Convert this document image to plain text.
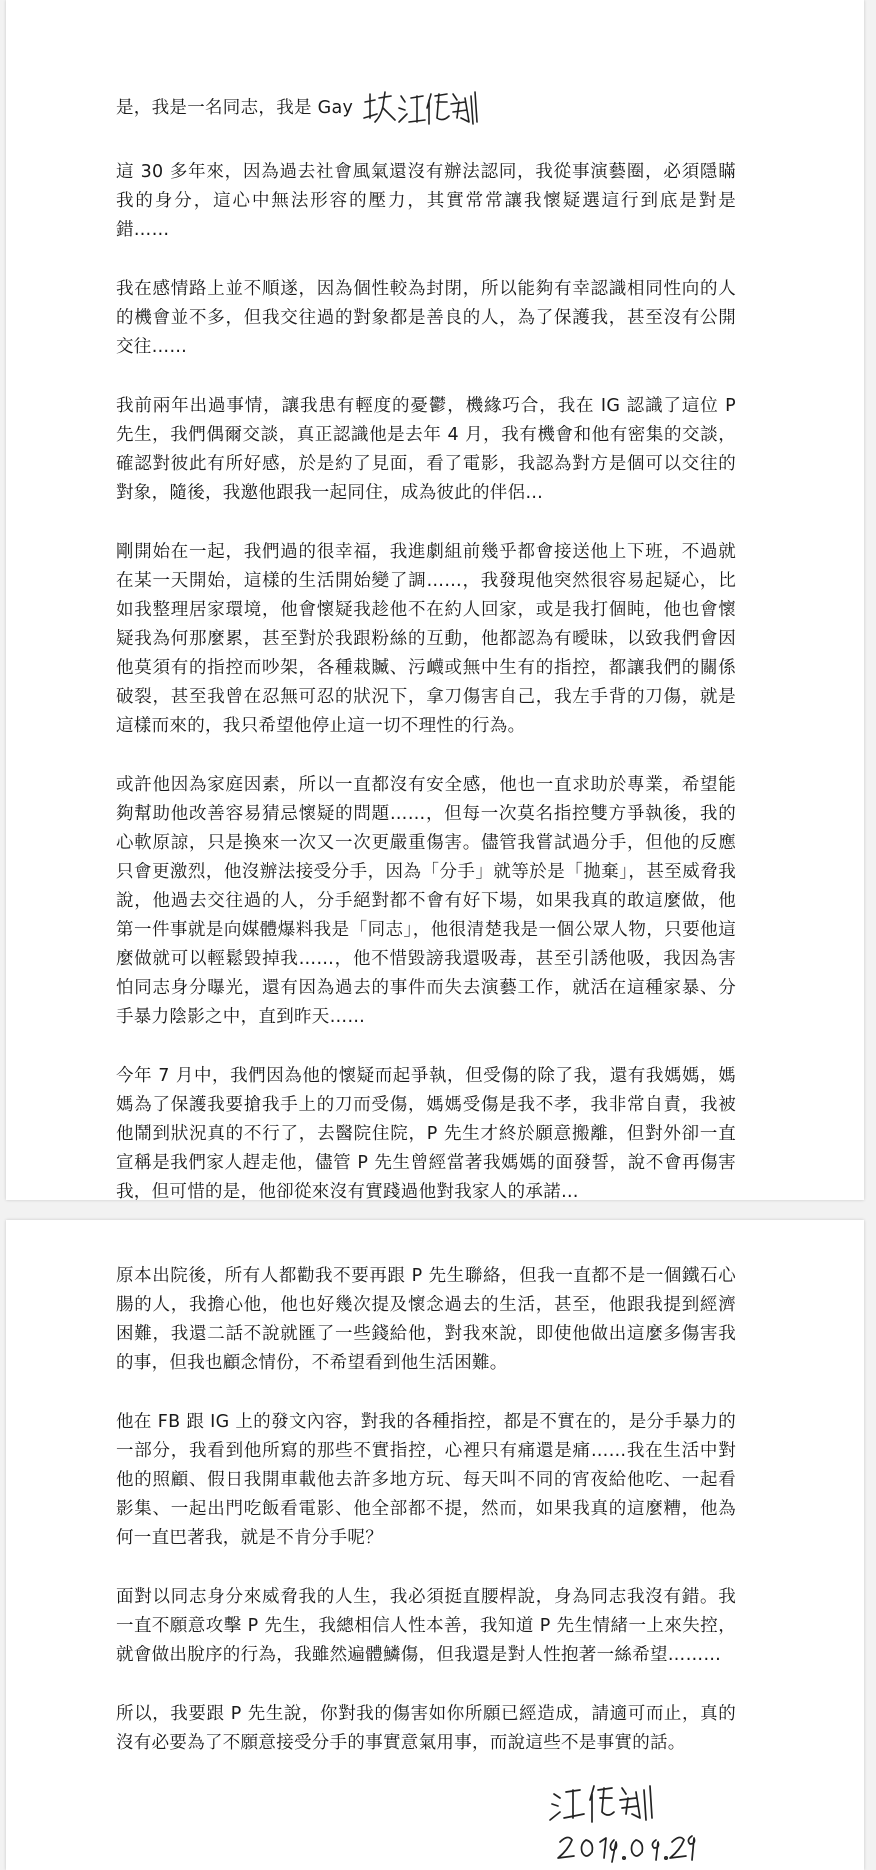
是，我是一名同志，我是 Gay

這 30 多年來，因為過去社會風氣還沒有辦法認同，我從事演藝圈，必須隱瞞我的身分，這心中無法形容的壓力，其實常常讓我懷疑選這行到底是對是錯……

我在感情路上並不順遂，因為個性較為封閉，所以能夠有幸認識相同性向的人的機會並不多，但我交往過的對象都是善良的人，為了保護我，甚至沒有公開交往……

我前兩年出過事情，讓我患有輕度的憂鬱，機緣巧合，我在 IG 認識了這位 P 先生，我們偶爾交談，真正認識他是去年 4 月，我有機會和他有密集的交談，確認對彼此有所好感，於是約了見面，看了電影，我認為對方是個可以交往的對象，隨後，我邀他跟我一起同住，成為彼此的伴侶…

剛開始在一起，我們過的很幸福，我進劇組前幾乎都會接送他上下班，不過就在某一天開始，這樣的生活開始變了調……，我發現他突然很容易起疑心，比如我整理居家環境，他會懷疑我趁他不在約人回家，或是我打個盹，他也會懷疑我為何那麼累，甚至對於我跟粉絲的互動，他都認為有曖昧，以致我們會因他莫須有的指控而吵架，各種栽贓、污衊或無中生有的指控，都讓我們的關係破裂，甚至我曾在忍無可忍的狀況下，拿刀傷害自己，我左手背的刀傷，就是這樣而來的，我只希望他停止這一切不理性的行為。

或許他因為家庭因素，所以一直都沒有安全感，他也一直求助於專業，希望能夠幫助他改善容易猜忌懷疑的問題……，但每一次莫名指控雙方爭執後，我的心軟原諒，只是換來一次又一次更嚴重傷害。儘管我嘗試過分手，但他的反應只會更激烈，他沒辦法接受分手，因為「分手」就等於是「拋棄」，甚至威脅我說，他過去交往過的人，分手絕對都不會有好下場，如果我真的敢這麼做，他第一件事就是向媒體爆料我是「同志」，他很清楚我是一個公眾人物，只要他這麼做就可以輕鬆毀掉我……，他不惜毀謗我還吸毒，甚至引誘他吸，我因為害怕同志身分曝光，還有因為過去的事件而失去演藝工作，就活在這種家暴、分手暴力陰影之中，直到昨天……

今年 7 月中，我們因為他的懷疑而起爭執，但受傷的除了我，還有我媽媽，媽媽為了保護我要搶我手上的刀而受傷，媽媽受傷是我不孝，我非常自責，我被他鬧到狀況真的不行了，去醫院住院，P 先生才終於願意搬離，但對外卻一直宣稱是我們家人趕走他，儘管 P 先生曾經當著我媽媽的面發誓，說不會再傷害我，但可惜的是，他卻從來沒有實踐過他對我家人的承諾…

原本出院後，所有人都勸我不要再跟 P 先生聯絡，但我一直都不是一個鐵石心腸的人，我擔心他，他也好幾次提及懷念過去的生活，甚至，他跟我提到經濟困難，我還二話不說就匯了一些錢給他，對我來說，即使他做出這麼多傷害我的事，但我也顧念情份，不希望看到他生活困難。

他在 FB 跟 IG 上的發文內容，對我的各種指控，都是不實在的，是分手暴力的一部分，我看到他所寫的那些不實指控，心裡只有痛還是痛……我在生活中對他的照顧、假日我開車載他去許多地方玩、每天叫不同的宵夜給他吃、一起看影集、一起出門吃飯看電影、他全部都不提，然而，如果我真的這麼糟，他為何一直巴著我，就是不肯分手呢？

面對以同志身分來威脅我的人生，我必須挺直腰桿說，身為同志我沒有錯。我一直不願意攻擊 P 先生，我總相信人性本善，我知道 P 先生情緒一上來失控，就會做出脫序的行為，我雖然遍體鱗傷，但我還是對人性抱著一絲希望………

所以，我要跟 P 先生說，你對我的傷害如你所願已經造成，請適可而止，真的沒有必要為了不願意接受分手的事實意氣用事，而說這些不是事實的話。
